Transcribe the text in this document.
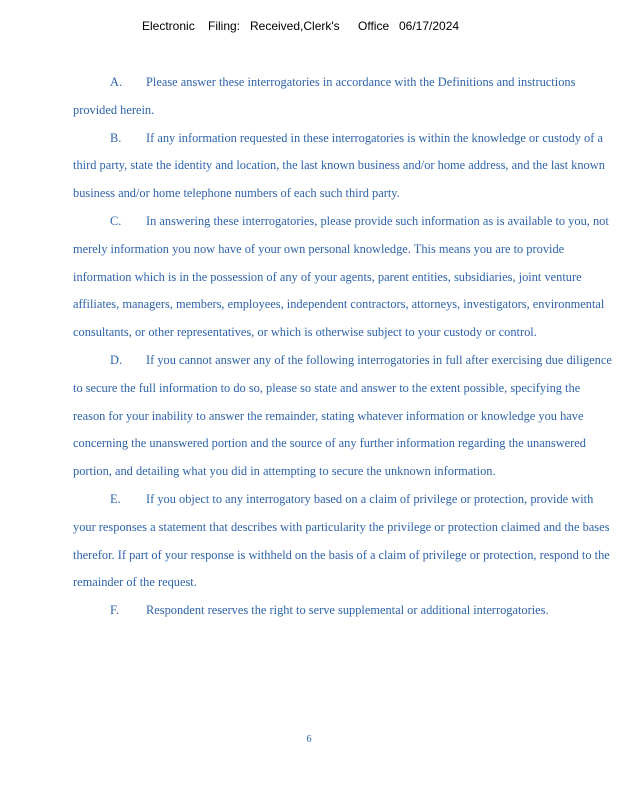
Electronic Filing: Received,Clerk's Office 06/17/2024

A. Please answer these interrogatories in accordance with the Definitions and instructions provided herein.

B. If any information requested in these interrogatories is within the knowledge or custody of a third party, state the identity and location, the last known business and/or home address, and the last known business and/or home telephone numbers of each such third party.

C. In answering these interrogatories, please provide such information as is available to you, not merely information you now have of your own personal knowledge. This means you are to provide information which is in the possession of any of your agents, parent entities, subsidiaries, joint venture affiliates, managers, members, employees, independent contractors, attorneys, investigators, environmental consultants, or other representatives, or which is otherwise subject to your custody or control.

D. If you cannot answer any of the following interrogatories in full after exercising due diligence to secure the full information to do so, please so state and answer to the extent possible, specifying the reason for your inability to answer the remainder, stating whatever information or knowledge you have concerning the unanswered portion and the source of any further information regarding the unanswered portion, and detailing what you did in attempting to secure the unknown information.

E. If you object to any interrogatory based on a claim of privilege or protection, provide with your responses a statement that describes with particularity the privilege or protection claimed and the bases therefor. If part of your response is withheld on the basis of a claim of privilege or protection, respond to the remainder of the request.

F. Respondent reserves the right to serve supplemental or additional interrogatories.

6
